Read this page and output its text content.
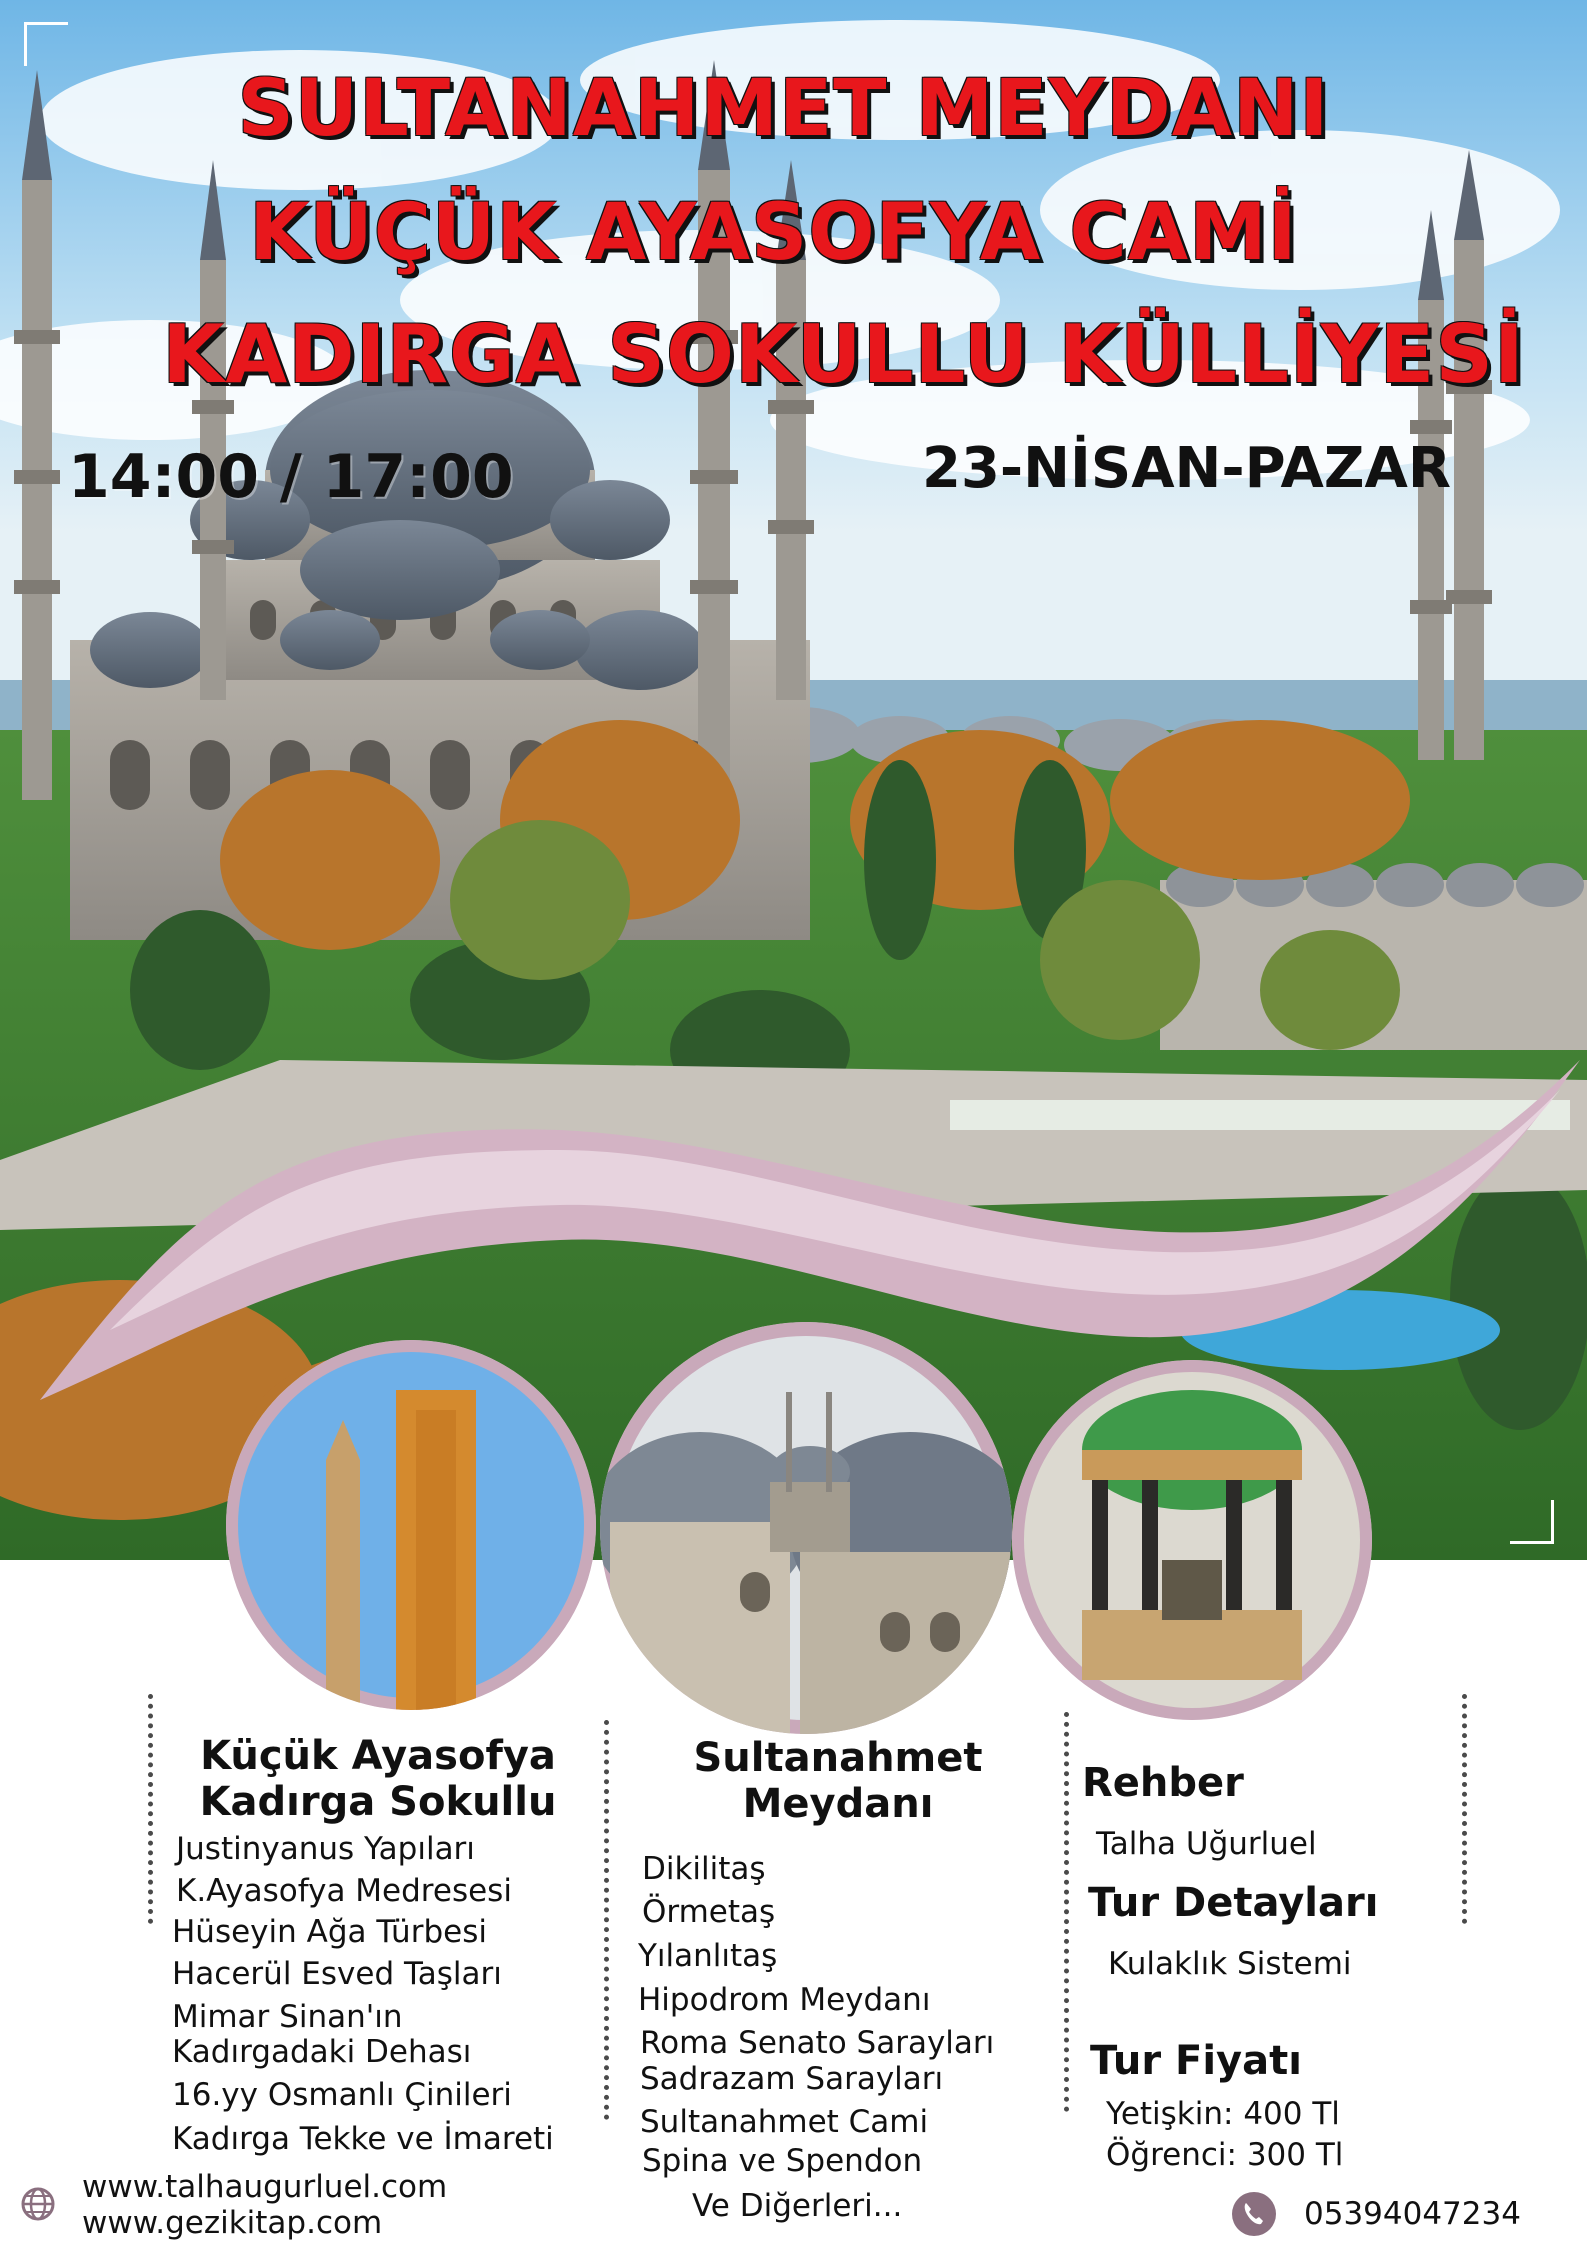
SULTANAHMET MEYDANI
KÜÇÜK AYASOFYA CAMİ
KADIRGA SOKULLU KÜLLİYESİ
14:00 / 17:00	23-NİSAN-PAZAR
Küçük Ayasofya
Kadırga Sokullu
Justinyanus Yapıları
K.Ayasofya Medresesi
Hüseyin Ağa Türbesi
Hacerül Esved Taşları
Mimar Sinan'ın
Kadırgadaki Dehası
16.yy Osmanlı Çinileri
Kadırga Tekke ve İmareti
Sultanahmet
Meydanı
Dikilitaş
Örmetaş
Yılanlıtaş
Hipodrom Meydanı
Roma Senato Sarayları
Sadrazam Sarayları
Sultanahmet Cami
Spina ve Spendon
Ve Diğerleri...
Rehber
Talha Uğurluel
Tur Detayları
Kulaklık Sistemi
Tur Fiyatı
Yetişkin: 400 Tl
Öğrenci: 300 Tl
www.talhaugurluel.com
www.gezikitap.com	05394047234
